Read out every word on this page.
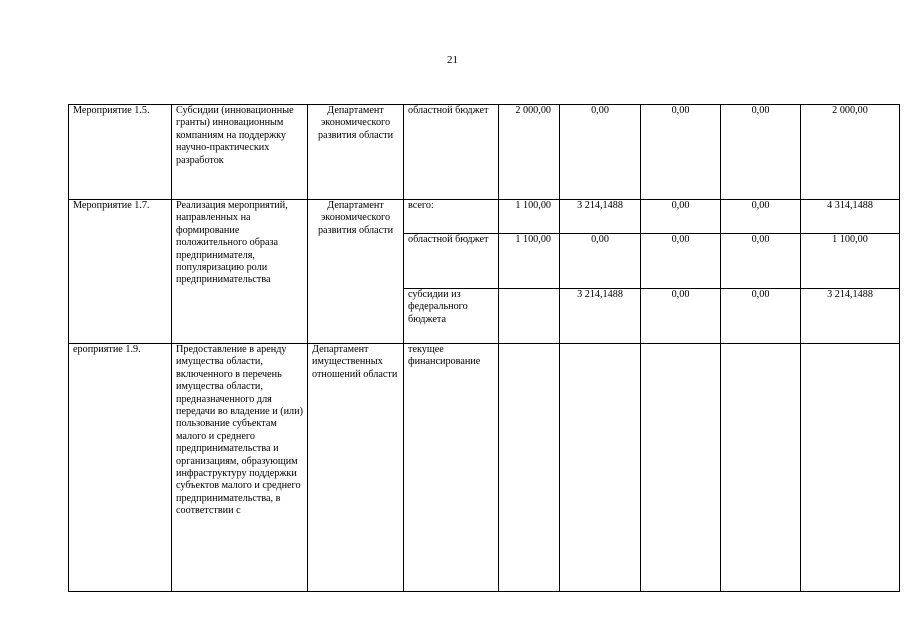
21
Мероприятие 1.5.	Субсидии (инновационные гранты) инновационным компаниям на поддержку научно-практических разработок	Департамент экономического развития области	областной бюджет	2 000,00	0,00	0,00	0,00	2 000,00
Мероприятие 1.7.	Реализация мероприятий, направленных на формирование положительного образа предпринимателя, популяризацию роли предпринимательства	Департамент экономического развития области	всего:	1 100,00	3 214,1488	0,00	0,00	4 314,1488
			областной бюджет	1 100,00	0,00	0,00	0,00	1 100,00
			субсидии из федерального бюджета		3 214,1488	0,00	0,00	3 214,1488
ероприятие 1.9.	Предоставление в аренду имущества области, включенного в перечень имущества области, предназначенного для передачи во владение и (или) пользование субъектам малого и среднего предпринимательства и организациям, образующим инфраструктуру поддержки субъектов малого и среднего предпринимательства, в соответствии с	Департамент имущественных отношений области	текущее финансирование					
